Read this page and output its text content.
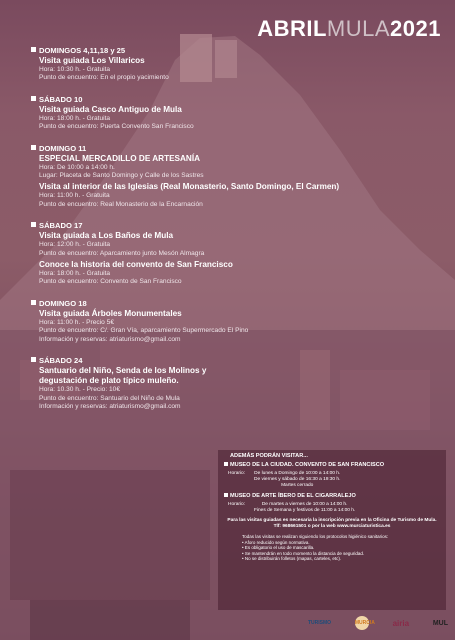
ABRILMULA2021
DOMINGOS 4,11,18 y 25
Visita guiada Los Villaricos
Hora: 10:30 h. - Gratuita
Punto de encuentro: En el propio yacimiento
SÁBADO 10
Visita guiada Casco Antiguo de Mula
Hora: 18:00 h. - Gratuita
Punto de encuentro: Puerta Convento San Francisco
DOMINGO 11
ESPECIAL MERCADILLO DE ARTESANÍA
Hora: De 10:00 a 14:00 h.
Lugar: Placeta de Santo Domingo y Calle de los Sastres
Visita al interior de las Iglesias (Real Monasterio, Santo Domingo, El Carmen)
Hora: 11:00 h. - Gratuita
Punto de encuentro: Real Monasterio de la Encarnación
SÁBADO 17
Visita guiada a Los Baños de Mula
Hora: 12:00 h. - Gratuita
Punto de encuentro: Aparcamiento junto Mesón Almagra
Conoce la historia del convento de San Francisco
Hora: 18:00 h. - Gratuita
Punto de encuentro: Convento de San Francisco
DOMINGO 18
Visita guiada Árboles Monumentales
Hora: 11:00 h. - Precio 5€
Punto de encuentro: C/. Gran Vía, aparcamiento Supermercado El Pino
Información y reservas: atriaturismo@gmail.com
SÁBADO 24
Santuario del Niño, Senda de los Molinos y degustación de plato típico muleño.
Hora: 10.30 h. - Precio: 10€
Punto de encuentro: Santuario del Niño de Mula
Información y reservas: atriaturismo@gmail.com
ADEMÁS PODRÁN VISITAR...
MUSEO DE LA CIUDAD. CONVENTO DE SAN FRANCISCO
Horario:	De lunes a Domingo de 10:00 a 14:00 h.
De viernes y sábado de 16:30 a 19:30 h.
Martes cerrado
MUSEO DE ARTE ÍBERO DE EL CIGARRALEJO
Horario:	De martes a viernes de 10:00 a 14:00 h.
Fines de Semana y festivos de 11:00 a 14:00 h.
Para las visitas guiadas es necesaria la inscripción previa en la Oficina de Turismo de Mula. Tlf: 968661501 o por la web www.murciaturistica.es
Todas las visitas se realizan siguiendo los protocolos higiénico sanitarios:
• Aforo reducido según normativa.
• Es obligatorio el uso de mascarilla.
• Se mantendrán en todo momento la distancia de seguridad.
• No se distribuirán folletos (mapas, carteles, etc).
TURISMO	MURCIA airia	MUL
